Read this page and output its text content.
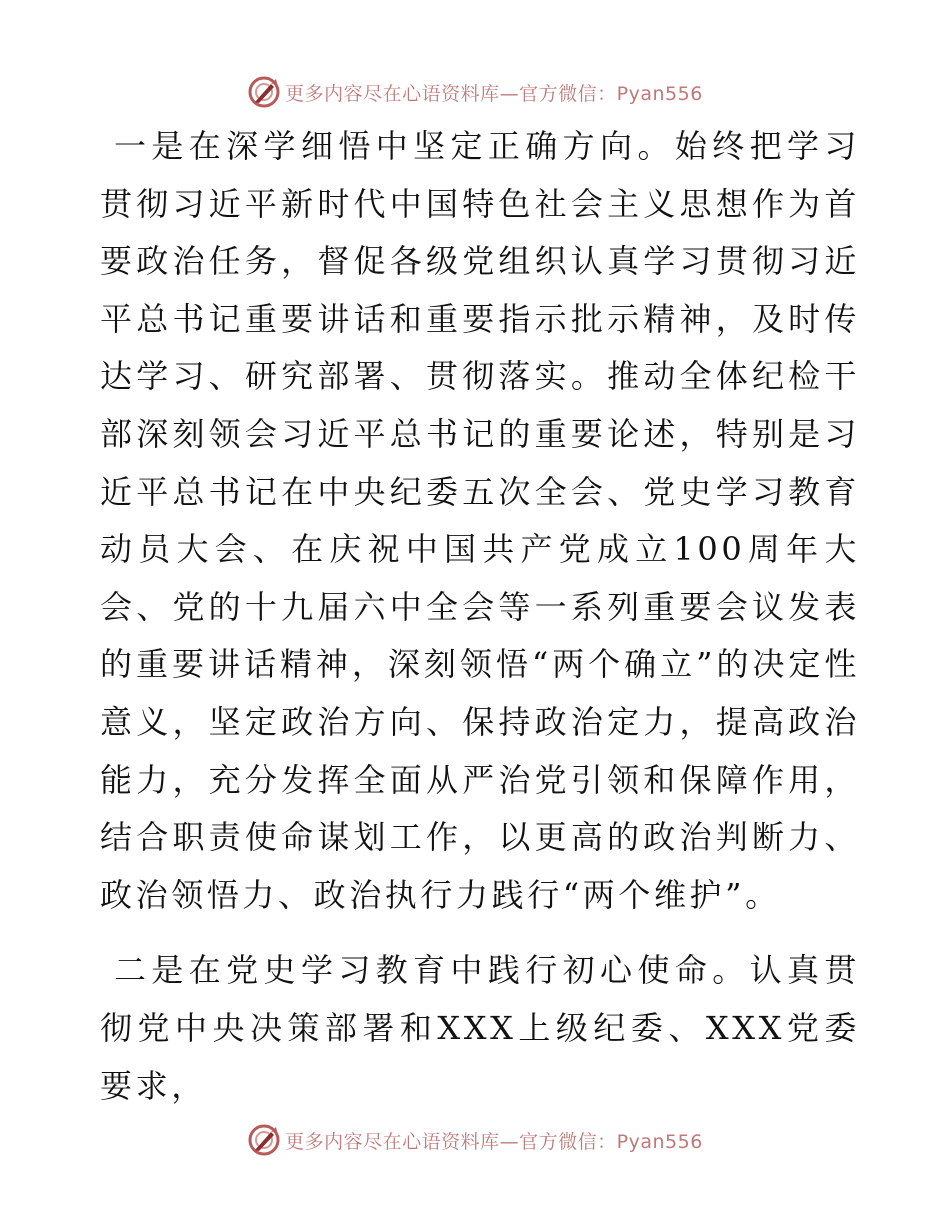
更多内容尽在心语资料库—官方微信：Pyan556

一是在深学细悟中坚定正确方向。始终把学习贯彻习近平新时代中国特色社会主义思想作为首要政治任务，督促各级党组织认真学习贯彻习近平总书记重要讲话和重要指示批示精神，及时传达学习、研究部署、贯彻落实。推动全体纪检干部深刻领会习近平总书记的重要论述，特别是习近平总书记在中央纪委五次全会、党史学习教育动员大会、在庆祝中国共产党成立100周年大会、党的十九届六中全会等一系列重要会议发表的重要讲话精神，深刻领悟“两个确立”的决定性意义，坚定政治方向、保持政治定力，提高政治能力，充分发挥全面从严治党引领和保障作用，结合职责使命谋划工作，以更高的政治判断力、政治领悟力、政治执行力践行“两个维护”。

二是在党史学习教育中践行初心使命。认真贯彻党中央决策部署和XXX上级纪委、XXX党委要求，

更多内容尽在心语资料库—官方微信：Pyan556
